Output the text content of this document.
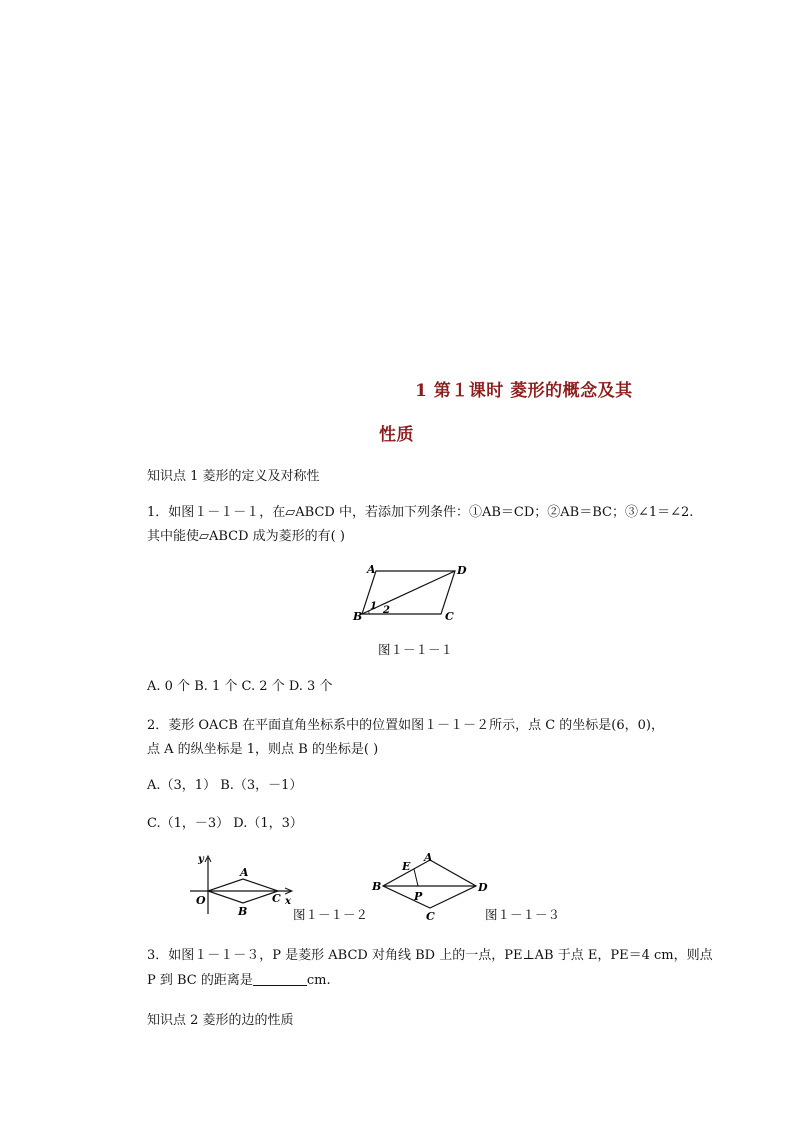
1 第１课时 菱形的概念及其
性质
知识点 1 菱形的定义及对称性
1．如图１－１－１，在▱ABCD 中，若添加下列条件：①AB＝CD；②AB＝BC；③∠1＝∠2.
其中能使▱ABCD 成为菱形的有( )
A	D
B	C
1 2
图１－１－１
A. 0 个 B. 1 个 C. 2 个 D. 3 个
2．菱形 OACB 在平面直角坐标系中的位置如图１－１－２所示，点 C 的坐标是(6，0)，
点 A 的纵坐标是 1，则点 B 的坐标是( )
A.（3，1） B.（3，－1）
C.（1，－3） D.（1，3）
y
x
O
A
B
C
图１－１－２
A
E
B
P
D
C	图１－１－３
3．如图１－１－３，P 是菱形 ABCD 对角线 BD 上的一点，PE⊥AB 于点 E，PE＝4 cm，则点
P 到 BC 的距离是	cm.
知识点 2 菱形的边的性质
